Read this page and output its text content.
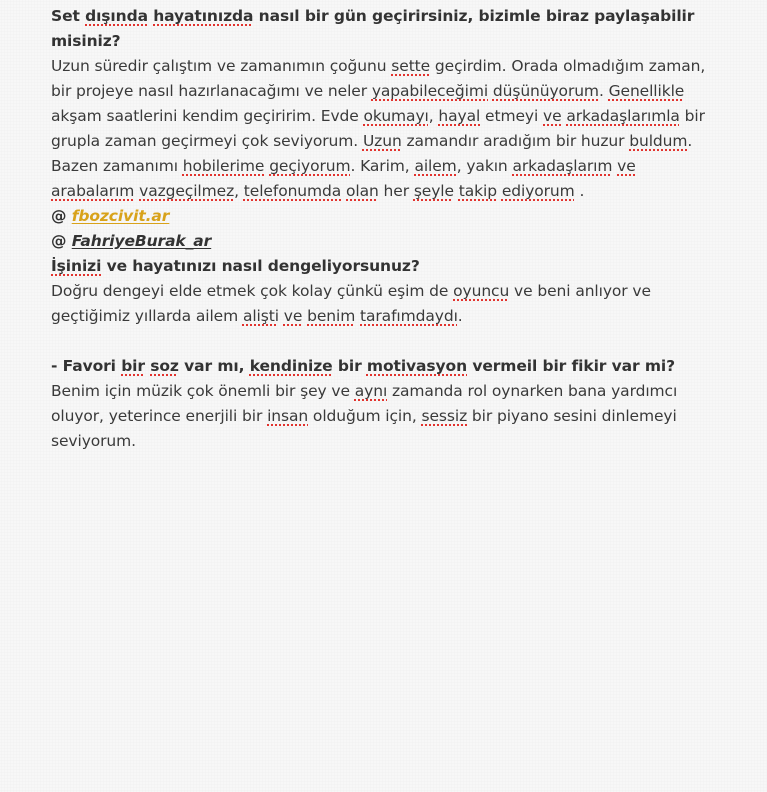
Set dışında hayatınızda nasıl bir gün geçirirsiniz, bizimle biraz paylaşabilir
misiniz?
Uzun süredir çalıştım ve zamanımın çoğunu sette geçirdim. Orada olmadığım zaman,
bir projeye nasıl hazırlanacağımı ve neler yapabileceğimi düşünüyorum. Genellikle
akşam saatlerini kendim geçiririm. Evde okumayı, hayal etmeyi ve arkadaşlarımla bir
grupla zaman geçirmeyi çok seviyorum. Uzun zamandır aradığım bir huzur buldum.
Bazen zamanımı hobilerime geçiyorum. Karim, ailem, yakın arkadaşlarım ve
arabalarım vazgeçilmez, telefonumda olan her şeyle takip ediyorum .
@ fbozcivit.ar
@ FahriyeBurak_ar
İşinizi ve hayatınızı nasıl dengeliyorsunuz?
Doğru dengeyi elde etmek çok kolay çünkü eşim de oyuncu ve beni anlıyor ve
geçtiğimiz yıllarda ailem alişti ve benim tarafımdaydı.
- Favori bir soz var mı, kendinize bir motivasyon vermeil bir fikir var mi?
Benim için müzik çok önemli bir şey ve aynı zamanda rol oynarken bana yardımcı
oluyor, yeterince enerjili bir insan olduğum için, sessiz bir piyano sesini dinlemeyi
seviyorum.
